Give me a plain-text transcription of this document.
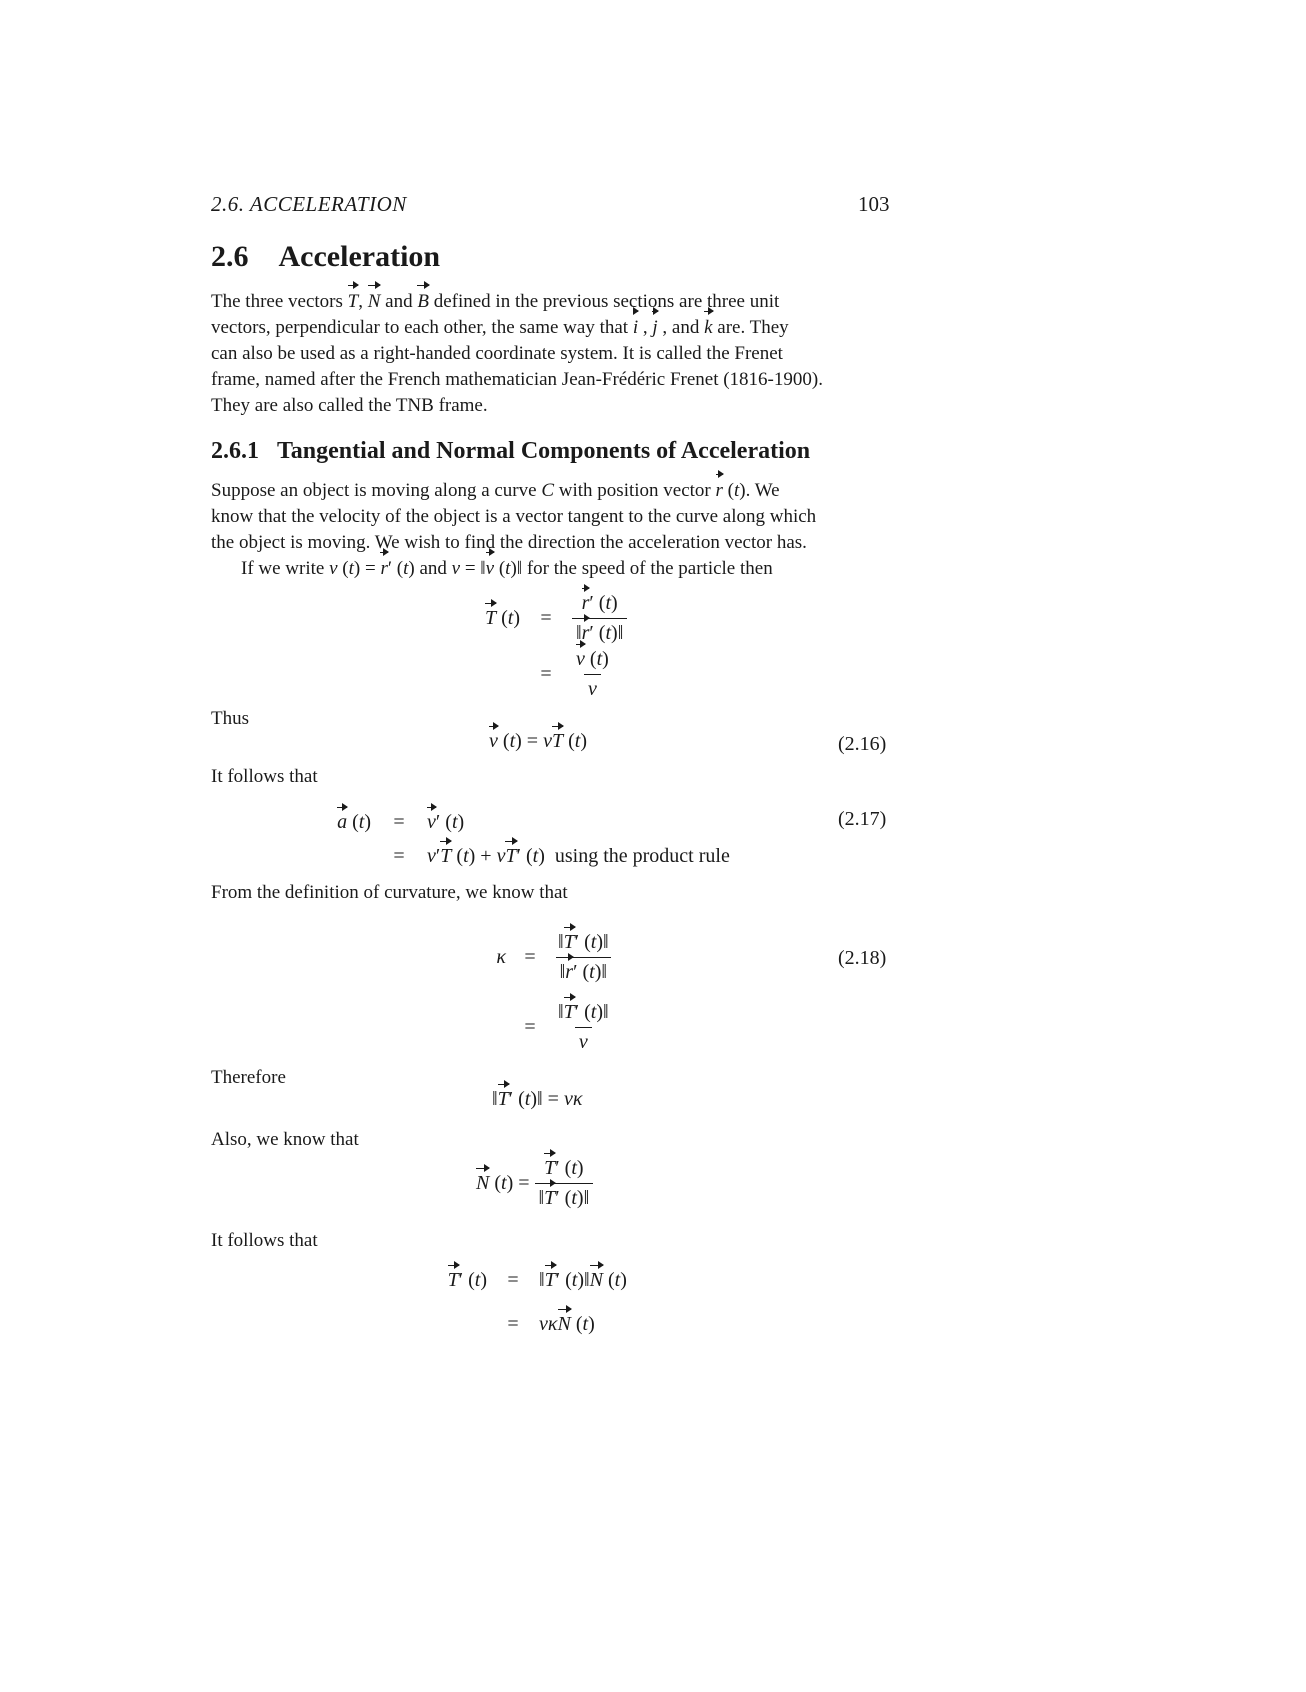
2.6. ACCELERATION	103
2.6 Acceleration
The three vectors T, N and B defined in the previous sections are three unit
vectors, perpendicular to each other, the same way that i , j , and k are. They
can also be used as a right-handed coordinate system. It is called the Frenet
frame, named after the French mathematician Jean-Frédéric Frenet (1816-1900).
They are also called the TNB frame.
2.6.1 Tangential and Normal Components of Acceleration
Suppose an object is moving along a curve C with position vector r (t). We
know that the velocity of the object is a vector tangent to the curve along which
the object is moving. We wish to find the direction the acceleration vector has.
If we write v (t) = r′ (t) and v = ‖v (t)‖ for the speed of the particle then
T (t)	=	$\frac{r' (t)}{‖r' (t)‖}$
=	$\frac{v (t)}{v}$
Thus
v (t) = vT (t)	(2.16)
It follows that
a (t)	=	v′ (t)
=	v′T (t) + vT′ (t) using the product rule
(2.17)
From the definition of curvature, we know that
$\kappa = \frac{‖T' (t)‖}{‖r' (t)‖}$
= $\frac{‖T' (t)‖}{v}$
(2.18)
Therefore
‖T′ (t)‖ = vκ
Also, we know that
N $(t) = \frac{T' (t)}{‖T' (t)‖}$
It follows that
T′ (t)	=	‖T′ (t)‖N (t)
=	vκN (t)
